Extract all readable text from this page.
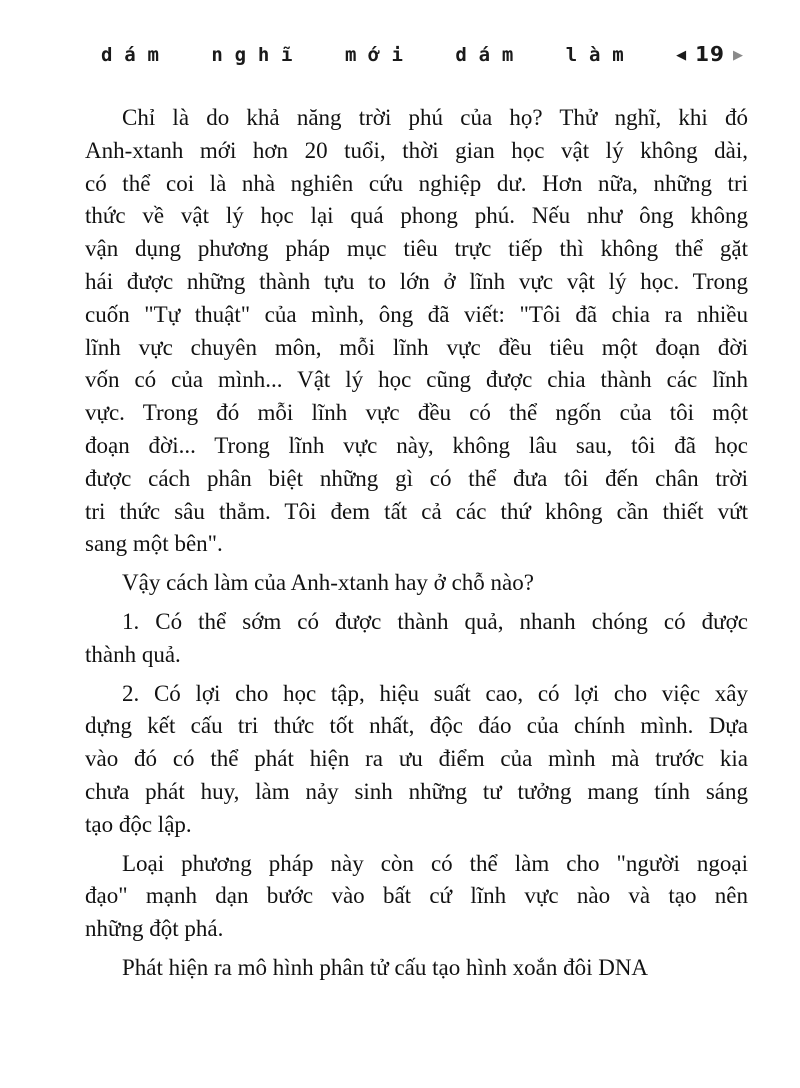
dám nghĩ mới dám làm	◀ 19 ▶
Chỉ là do khả năng trời phú của họ? Thử nghĩ, khi đó
Anh-xtanh mới hơn 20 tuổi, thời gian học vật lý không dài,
có thể coi là nhà nghiên cứu nghiệp dư. Hơn nữa, những tri
thức về vật lý học lại quá phong phú. Nếu như ông không
vận dụng phương pháp mục tiêu trực tiếp thì không thể gặt
hái được những thành tựu to lớn ở lĩnh vực vật lý học. Trong
cuốn "Tự thuật" của mình, ông đã viết: "Tôi đã chia ra nhiều
lĩnh vực chuyên môn, mỗi lĩnh vực đều tiêu một đoạn đời
vốn có của mình... Vật lý học cũng được chia thành các lĩnh
vực. Trong đó mỗi lĩnh vực đều có thể ngốn của tôi một
đoạn đời... Trong lĩnh vực này, không lâu sau, tôi đã học
được cách phân biệt những gì có thể đưa tôi đến chân trời
tri thức sâu thẳm. Tôi đem tất cả các thứ không cần thiết vứt
sang một bên".
Vậy cách làm của Anh-xtanh hay ở chỗ nào?
1. Có thể sớm có được thành quả, nhanh chóng có được
thành quả.
2. Có lợi cho học tập, hiệu suất cao, có lợi cho việc xây
dựng kết cấu tri thức tốt nhất, độc đáo của chính mình. Dựa
vào đó có thể phát hiện ra ưu điểm của mình mà trước kia
chưa phát huy, làm nảy sinh những tư tưởng mang tính sáng
tạo độc lập.
Loại phương pháp này còn có thể làm cho "người ngoại
đạo" mạnh dạn bước vào bất cứ lĩnh vực nào và tạo nên
những đột phá.
Phát hiện ra mô hình phân tử cấu tạo hình xoắn đôi DNA
